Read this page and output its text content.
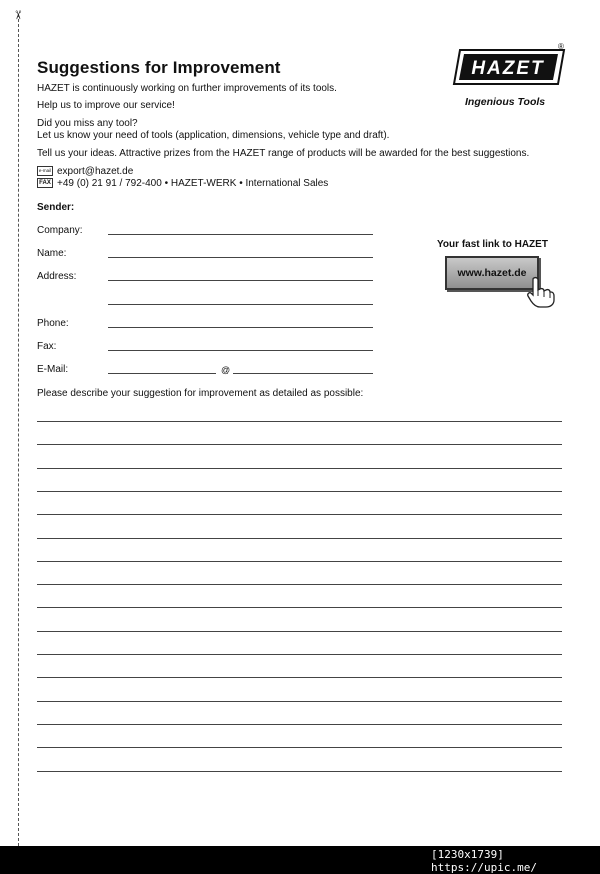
✂
Suggestions for Improvement
HAZET is continuously working on further improvements of its tools.
Help us to improve our service!
Did you miss any tool?
Let us know your need of tools (application, dimensions, vehicle type and draft).
Tell us your ideas. Attractive prizes from the HAZET range of products will be awarded for the best suggestions.
e-mail export@hazet.de
FAX +49 (0) 21 91 / 792-400 • HAZET-WERK • International Sales
HAZET
®
Ingenious Tools
Sender:
Company:
Name:
Address:
Phone:
Fax:
E-Mail:	@
Please describe your suggestion for improvement as detailed as possible:
Your fast link to HAZET
www.hazet.de
[1230x1739] https://upic.me/
